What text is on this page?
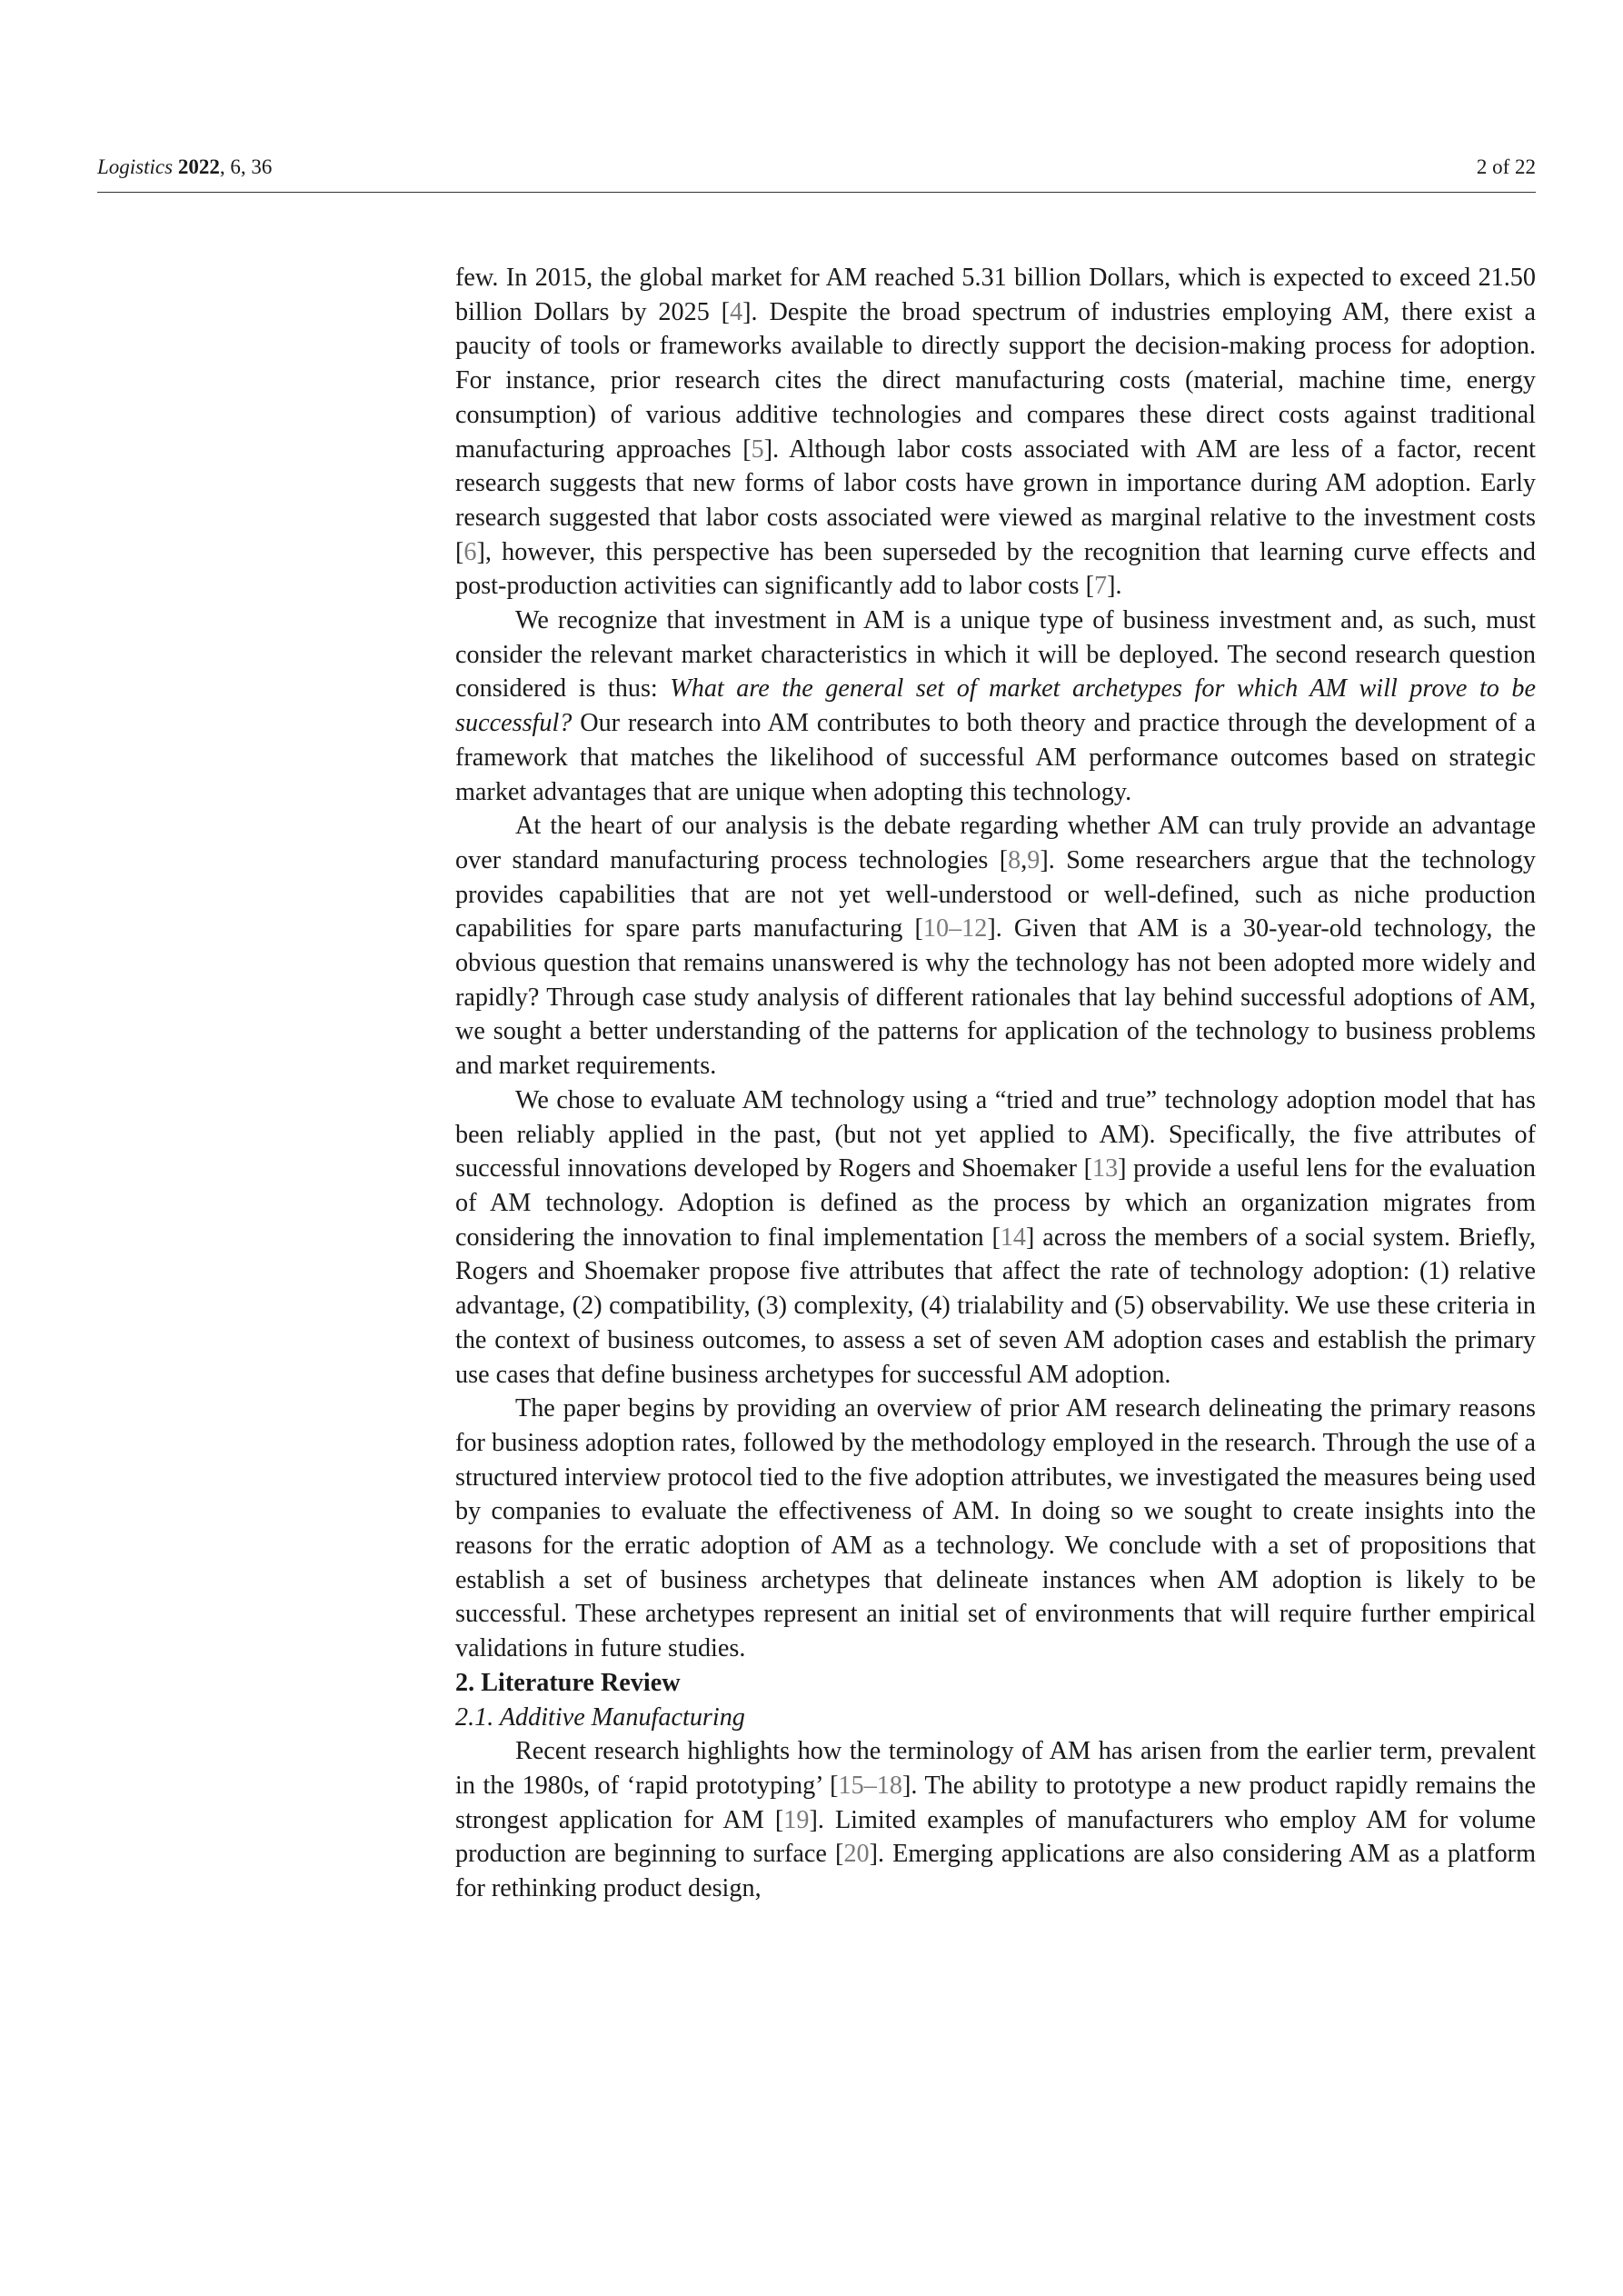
Logistics 2022, 6, 36	2 of 22

few. In 2015, the global market for AM reached 5.31 billion Dollars, which is expected to exceed 21.50 billion Dollars by 2025 [4]. Despite the broad spectrum of industries employing AM, there exist a paucity of tools or frameworks available to directly support the decision-making process for adoption. For instance, prior research cites the direct manufacturing costs (material, machine time, energy consumption) of various additive technologies and compares these direct costs against traditional manufacturing approaches [5]. Although labor costs associated with AM are less of a factor, recent research suggests that new forms of labor costs have grown in importance during AM adoption. Early research suggested that labor costs associated were viewed as marginal relative to the investment costs [6], however, this perspective has been superseded by the recognition that learning curve effects and post-production activities can significantly add to labor costs [7].

We recognize that investment in AM is a unique type of business investment and, as such, must consider the relevant market characteristics in which it will be deployed. The second research question considered is thus: What are the general set of market archetypes for which AM will prove to be successful? Our research into AM contributes to both theory and practice through the development of a framework that matches the likelihood of successful AM performance outcomes based on strategic market advantages that are unique when adopting this technology.

At the heart of our analysis is the debate regarding whether AM can truly provide an advantage over standard manufacturing process technologies [8,9]. Some researchers argue that the technology provides capabilities that are not yet well-understood or well-defined, such as niche production capabilities for spare parts manufacturing [10–12]. Given that AM is a 30-year-old technology, the obvious question that remains unanswered is why the technology has not been adopted more widely and rapidly? Through case study analysis of different rationales that lay behind successful adoptions of AM, we sought a better understanding of the patterns for application of the technology to business problems and market requirements.

We chose to evaluate AM technology using a “tried and true” technology adoption model that has been reliably applied in the past, (but not yet applied to AM). Specifically, the five attributes of successful innovations developed by Rogers and Shoemaker [13] provide a useful lens for the evaluation of AM technology. Adoption is defined as the process by which an organization migrates from considering the innovation to final implementation [14] across the members of a social system. Briefly, Rogers and Shoemaker propose five attributes that affect the rate of technology adoption: (1) relative advantage, (2) compatibility, (3) complexity, (4) trialability and (5) observability. We use these criteria in the context of business outcomes, to assess a set of seven AM adoption cases and establish the primary use cases that define business archetypes for successful AM adoption.

The paper begins by providing an overview of prior AM research delineating the primary reasons for business adoption rates, followed by the methodology employed in the research. Through the use of a structured interview protocol tied to the five adoption attributes, we investigated the measures being used by companies to evaluate the effectiveness of AM. In doing so we sought to create insights into the reasons for the erratic adoption of AM as a technology. We conclude with a set of propositions that establish a set of business archetypes that delineate instances when AM adoption is likely to be successful. These archetypes represent an initial set of environments that will require further empirical validations in future studies.

2. Literature Review

2.1. Additive Manufacturing

Recent research highlights how the terminology of AM has arisen from the earlier term, prevalent in the 1980s, of ‘rapid prototyping’ [15–18]. The ability to prototype a new product rapidly remains the strongest application for AM [19]. Limited examples of manufacturers who employ AM for volume production are beginning to surface [20]. Emerging applications are also considering AM as a platform for rethinking product design,
